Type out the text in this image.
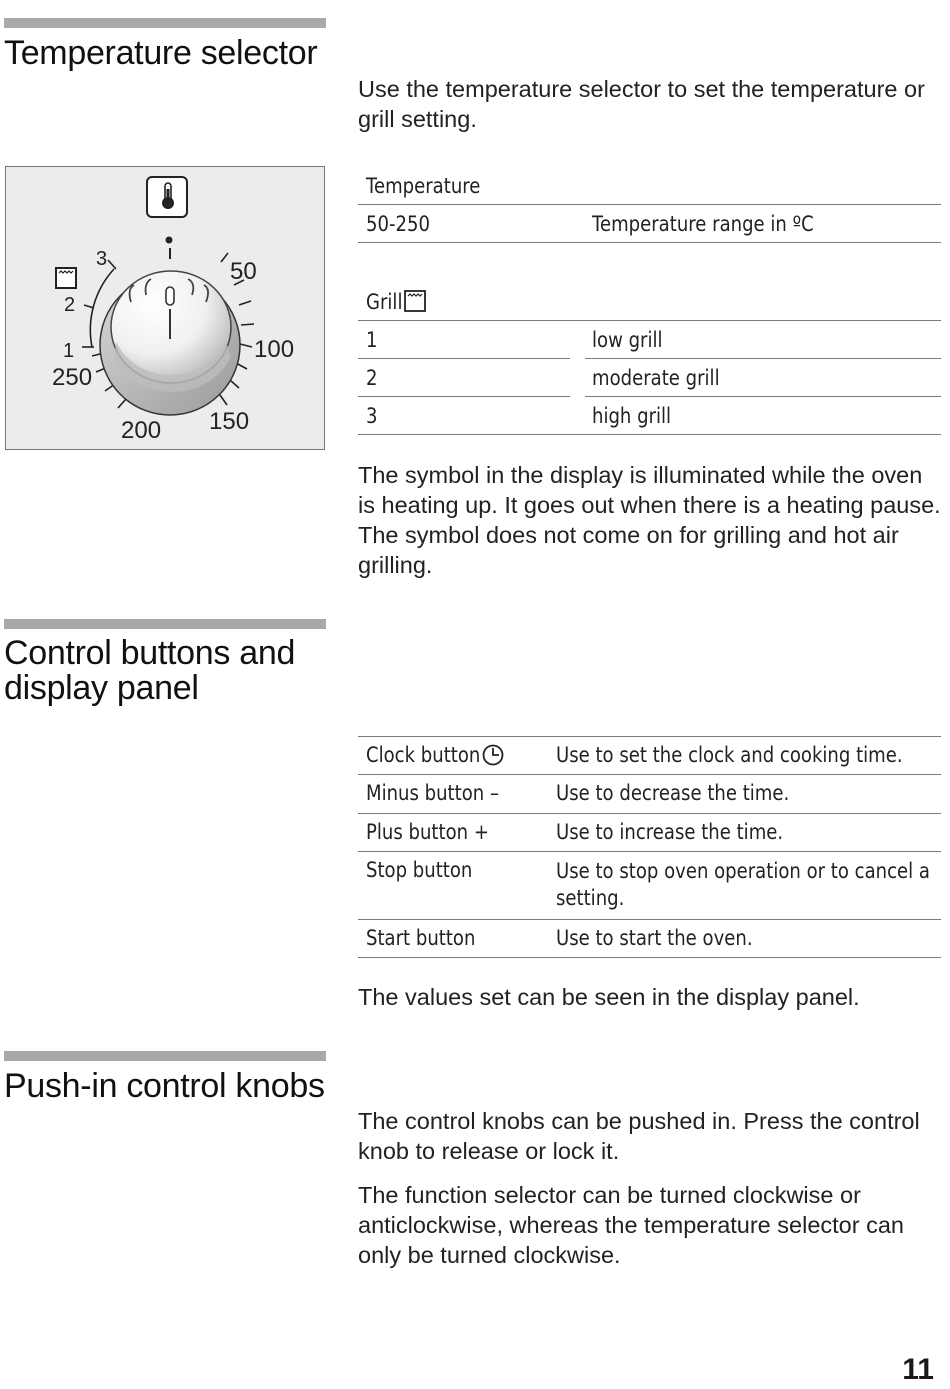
Temperature selector

Use the temperature selector to set the temperature or grill setting.

3
2
1
250
50
100
150
200
Temperature
50-250	Temperature range in ºC
Grill
1	low grill
2	moderate grill
3	high grill

The symbol in the display is illuminated while the oven is heating up. It goes out when there is a heating pause. The symbol does not come on for grilling and hot air grilling.

Control buttons and display panel
Clock button	Use to set the clock and cooking time.
Minus button –	Use to decrease the time.
Plus button +	Use to increase the time.
Stop button	Use to stop oven operation or to cancel a setting.
Start button	Use to start the oven.

The values set can be seen in the display panel.

Push-in control knobs

The control knobs can be pushed in. Press the control knob to release or lock it.

The function selector can be turned clockwise or anticlockwise, whereas the temperature selector can only be turned clockwise.

11
